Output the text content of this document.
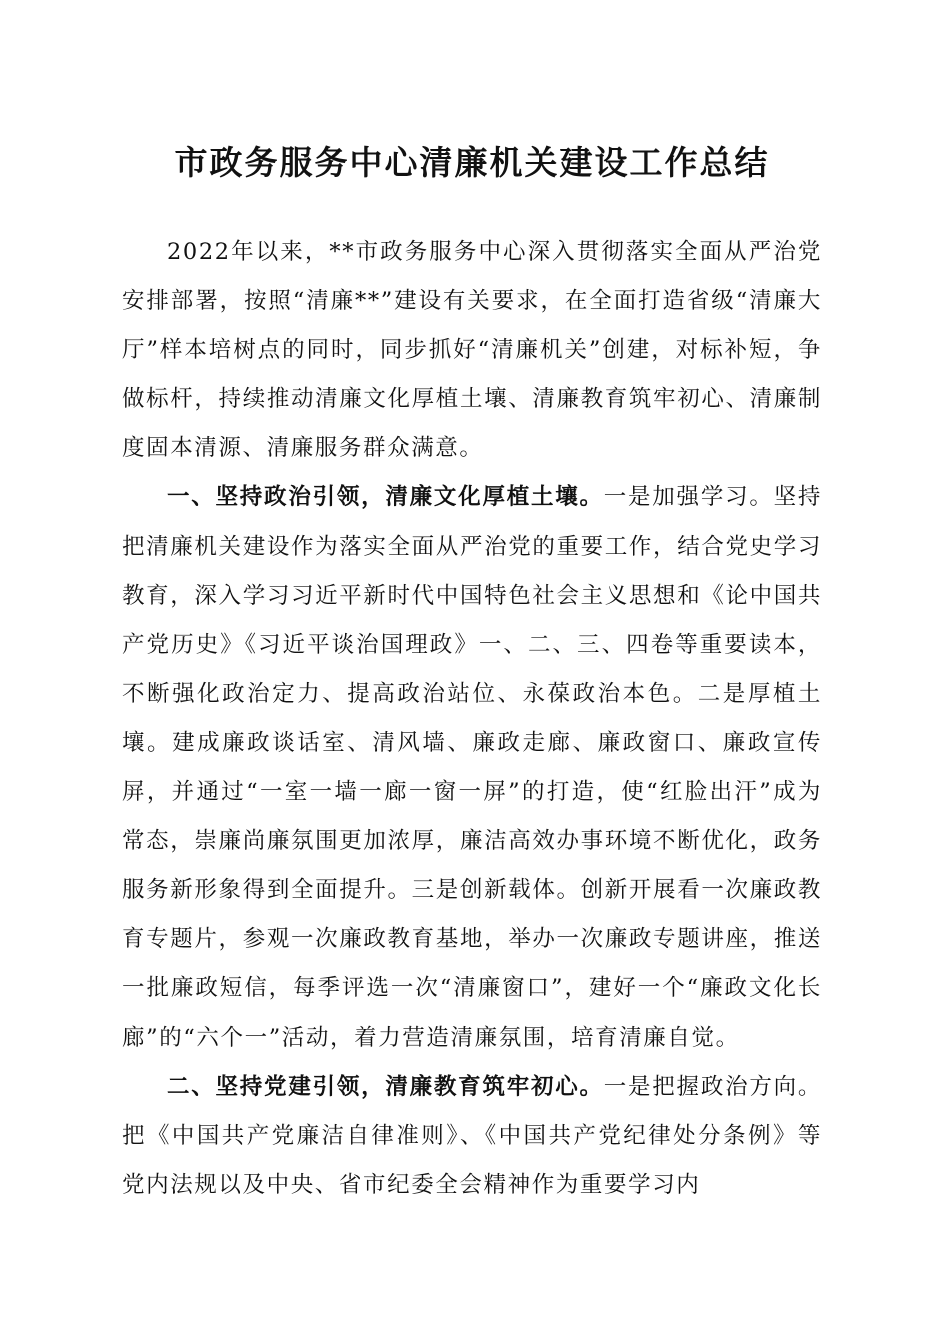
市政务服务中心清廉机关建设工作总结

2022年以来，**市政务服务中心深入贯彻落实全面从严治党安排部署，按照“清廉**”建设有关要求，在全面打造省级“清廉大厅”样本培树点的同时，同步抓好“清廉机关”创建，对标补短，争做标杆，持续推动清廉文化厚植土壤、清廉教育筑牢初心、清廉制度固本清源、清廉服务群众满意。

一、坚持政治引领，清廉文化厚植土壤。一是加强学习。坚持把清廉机关建设作为落实全面从严治党的重要工作，结合党史学习教育，深入学习习近平新时代中国特色社会主义思想和《论中国共产党历史》《习近平谈治国理政》一、二、三、四卷等重要读本，不断强化政治定力、提高政治站位、永葆政治本色。二是厚植土壤。建成廉政谈话室、清风墙、廉政走廊、廉政窗口、廉政宣传屏，并通过“一室一墙一廊一窗一屏”的打造，使“红脸出汗”成为常态，崇廉尚廉氛围更加浓厚，廉洁高效办事环境不断优化，政务服务新形象得到全面提升。三是创新载体。创新开展看一次廉政教育专题片，参观一次廉政教育基地，举办一次廉政专题讲座，推送一批廉政短信，每季评选一次“清廉窗口”，建好一个“廉政文化长廊”的“六个一”活动，着力营造清廉氛围，培育清廉自觉。

二、坚持党建引领，清廉教育筑牢初心。一是把握政治方向。把《中国共产党廉洁自律准则》、《中国共产党纪律处分条例》等党内法规以及中央、省市纪委全会精神作为重要学习内
